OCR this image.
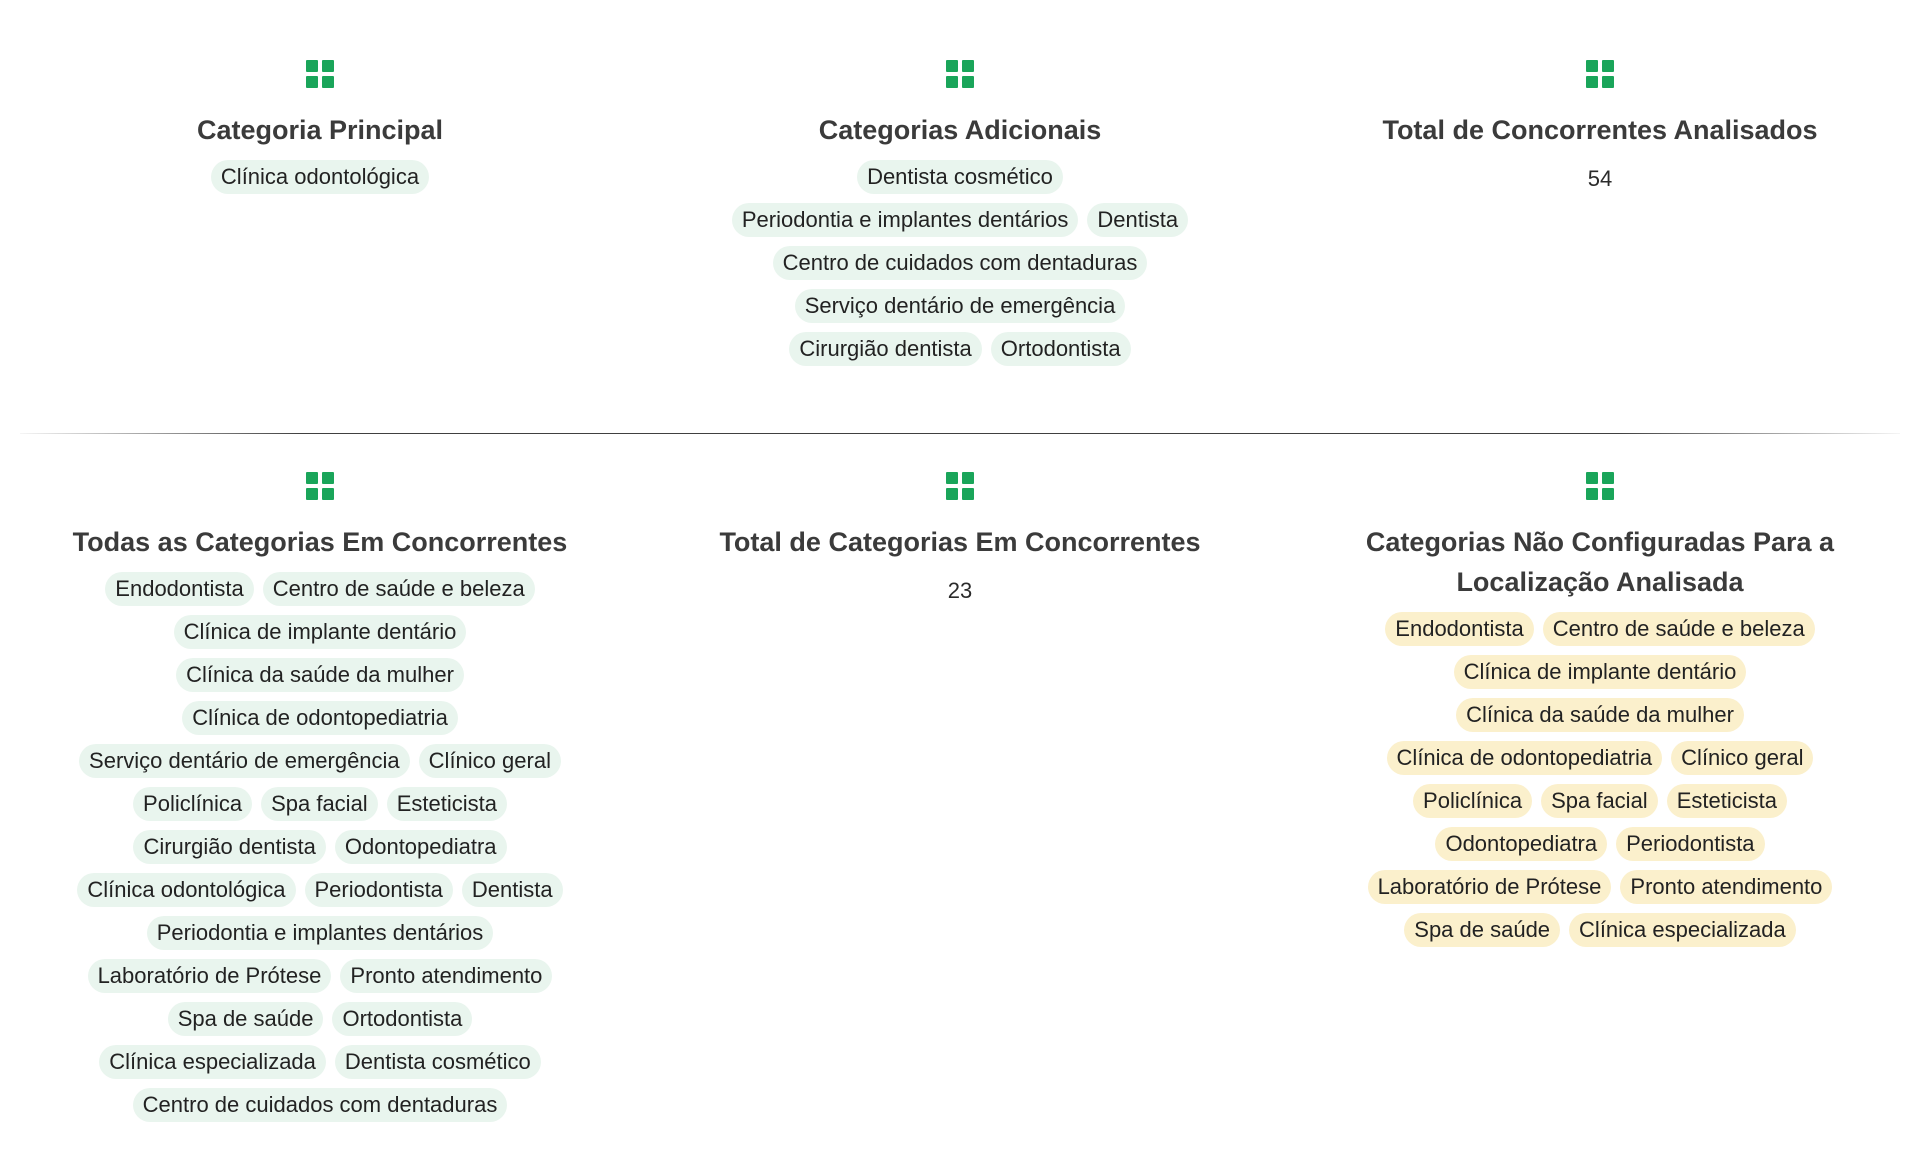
Categoria Principal
Clínica odontológica
Categorias Adicionais
Dentista cosmético
Periodontia e implantes dentários	Dentista
Centro de cuidados com dentaduras
Serviço dentário de emergência
Cirurgião dentista	Ortodontista
Total de Concorrentes Analisados
54
Todas as Categorias Em Concorrentes
Endodontista	Centro de saúde e beleza
Clínica de implante dentário
Clínica da saúde da mulher
Clínica de odontopediatria
Serviço dentário de emergência	Clínico geral
Policlínica	Spa facial	Esteticista
Cirurgião dentista	Odontopediatra
Clínica odontológica	Periodontista	Dentista
Periodontia e implantes dentários
Laboratório de Prótese	Pronto atendimento
Spa de saúde	Ortodontista
Clínica especializada	Dentista cosmético
Centro de cuidados com dentaduras
Total de Categorias Em Concorrentes
23
Categorias Não Configuradas Para a Localização Analisada
Endodontista	Centro de saúde e beleza
Clínica de implante dentário
Clínica da saúde da mulher
Clínica de odontopediatria	Clínico geral
Policlínica	Spa facial	Esteticista
Odontopediatra	Periodontista
Laboratório de Prótese	Pronto atendimento
Spa de saúde	Clínica especializada
